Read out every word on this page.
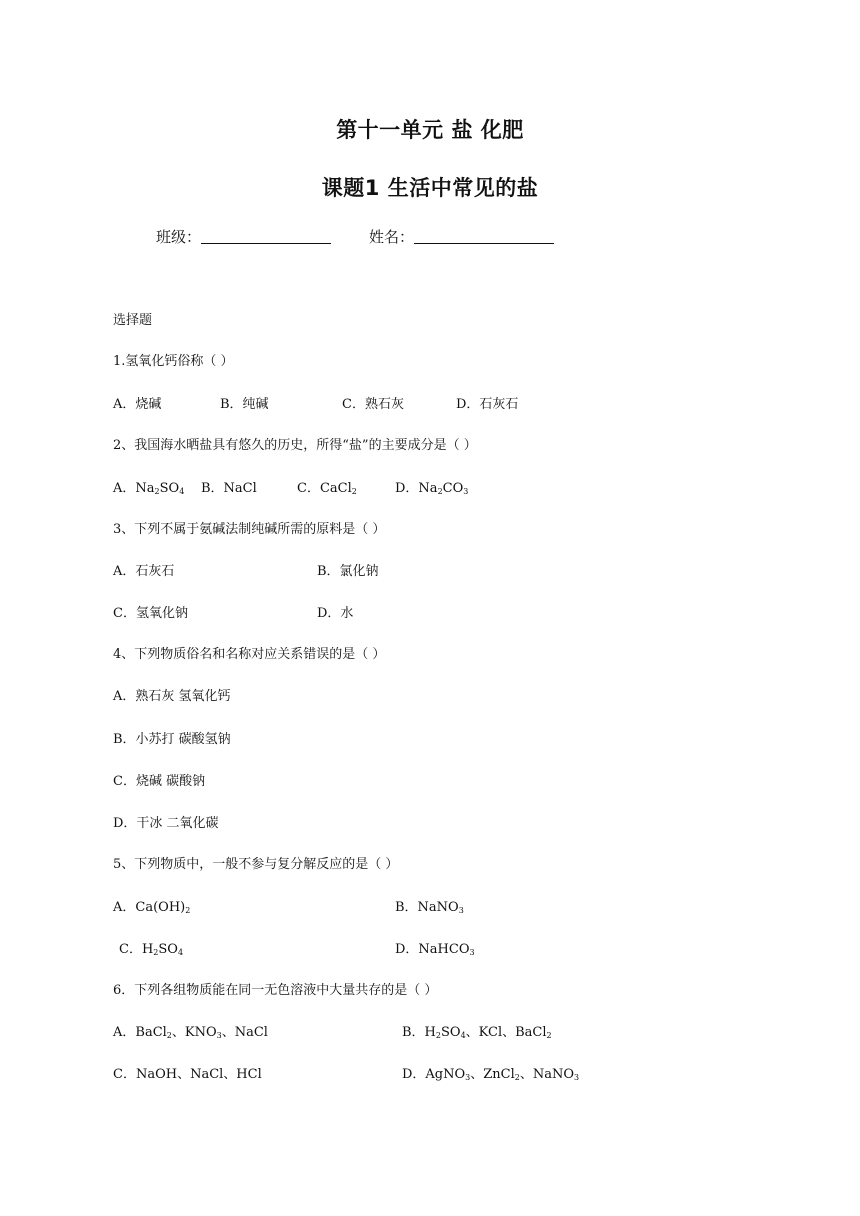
第十一单元 盐 化肥
课题1 生活中常见的盐
班级：	姓名：
选择题
1.氢氧化钙俗称（ ）
A．烧碱	B．纯碱	C．熟石灰	D．石灰石
2、我国海水晒盐具有悠久的历史，所得“盐”的主要成分是（ ）
A．$Na_2SO_4$ B．NaCl	C．CaCl$_2$	D．$Na_2CO_3$
3、下列不属于氨碱法制纯碱所需的原料是（ ）
A．石灰石	B．氯化钠
C．氢氧化钠	D．水
4、下列物质俗名和名称对应关系错误的是（ ）
A．熟石灰 氢氧化钙
B．小苏打 碳酸氢钠
C．烧碱 碳酸钠
D．干冰 二氧化碳
5、下列物质中，一般不参与复分解反应的是（ ）
A．$Ca(OH)_2$	B．NaNO$_3$
C．$H_2SO_4$	D．NaHCO$_3$
6．下列各组物质能在同一无色溶液中大量共存的是（ ）
A．BaCl$_2$、$KNO_3$、NaCl	B．$H_2SO_4$、KCl、BaCl$_2$
C．NaOH、NaCl、HCl	D．AgNO$_3$、ZnCl$_2$、NaNO$_3$
